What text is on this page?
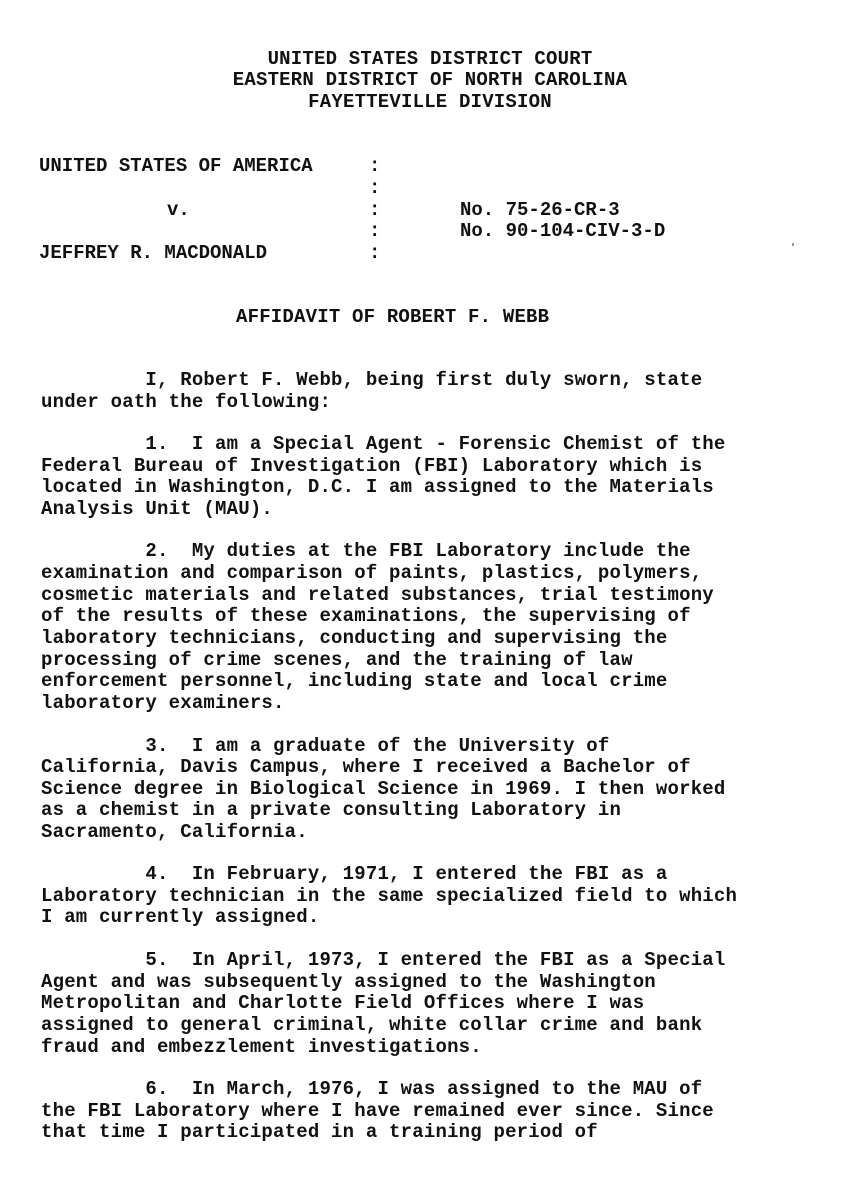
UNITED STATES DISTRICT COURT
EASTERN DISTRICT OF NORTH CAROLINA
FAYETTEVILLE DIVISION
UNITED STATES OF AMERICA
v.
JEFFREY R. MACDONALD
:
:
:
:
:
No. 75-26-CR-3
No. 90-104-CIV-3-D
AFFIDAVIT OF ROBERT F. WEBB
I, Robert F. Webb, being first duly sworn, state
under oath the following:
1.  I am a Special Agent - Forensic Chemist of the
Federal Bureau of Investigation (FBI) Laboratory which is
located in Washington, D.C. I am assigned to the Materials
Analysis Unit (MAU).
2.  My duties at the FBI Laboratory include the
examination and comparison of paints, plastics, polymers,
cosmetic materials and related substances, trial testimony
of the results of these examinations, the supervising of
laboratory technicians, conducting and supervising the
processing of crime scenes, and the training of law
enforcement personnel, including state and local crime
laboratory examiners.
3.  I am a graduate of the University of
California, Davis Campus, where I received a Bachelor of
Science degree in Biological Science in 1969. I then worked
as a chemist in a private consulting Laboratory in
Sacramento, California.
4.  In February, 1971, I entered the FBI as a
Laboratory technician in the same specialized field to which
I am currently assigned.
5.  In April, 1973, I entered the FBI as a Special
Agent and was subsequently assigned to the Washington
Metropolitan and Charlotte Field Offices where I was
assigned to general criminal, white collar crime and bank
fraud and embezzlement investigations.
6.  In March, 1976, I was assigned to the MAU of
the FBI Laboratory where I have remained ever since. Since
that time I participated in a training period of
